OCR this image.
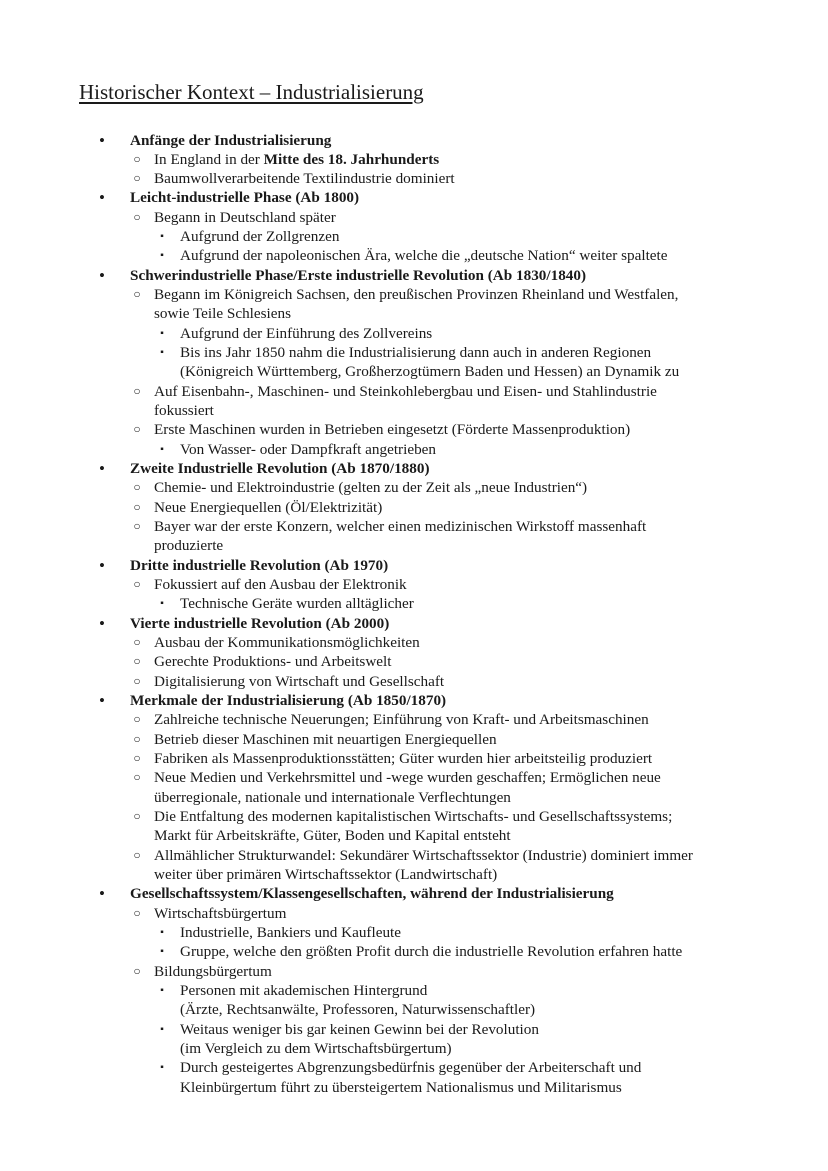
Historischer Kontext – Industrialisierung
• Anfänge der Industrialisierung
○ In England in der Mitte des 18. Jahrhunderts
○ Baumwollverarbeitende Textilindustrie dominiert
• Leicht-industrielle Phase (Ab 1800)
○ Begann in Deutschland später
▪	Aufgrund der Zollgrenzen
▪	Aufgrund der napoleonischen Ära, welche die „deutsche Nation“ weiter spaltete
• Schwerindustrielle Phase/Erste industrielle Revolution (Ab 1830/1840)
○ Begann im Königreich Sachsen, den preußischen Provinzen Rheinland und Westfalen,
sowie Teile Schlesiens
▪	Aufgrund der Einführung des Zollvereins
▪	Bis ins Jahr 1850 nahm die Industrialisierung dann auch in anderen Regionen
(Königreich Württemberg, Großherzogtümern Baden und Hessen) an Dynamik zu
○ Auf Eisenbahn-, Maschinen- und Steinkohlebergbau und Eisen- und Stahlindustrie
fokussiert
○ Erste Maschinen wurden in Betrieben eingesetzt (Förderte Massenproduktion)
▪	Von Wasser- oder Dampfkraft angetrieben
• Zweite Industrielle Revolution (Ab 1870/1880)
○ Chemie- und Elektroindustrie (gelten zu der Zeit als „neue Industrien“)
○ Neue Energiequellen (Öl/Elektrizität)
○ Bayer war der erste Konzern, welcher einen medizinischen Wirkstoff massenhaft
produzierte
• Dritte industrielle Revolution (Ab 1970)
○ Fokussiert auf den Ausbau der Elektronik
▪	Technische Geräte wurden alltäglicher
• Vierte industrielle Revolution (Ab 2000)
○ Ausbau der Kommunikationsmöglichkeiten
○ Gerechte Produktions- und Arbeitswelt
○ Digitalisierung von Wirtschaft und Gesellschaft
• Merkmale der Industrialisierung (Ab 1850/1870)
○ Zahlreiche technische Neuerungen; Einführung von Kraft- und Arbeitsmaschinen
○ Betrieb dieser Maschinen mit neuartigen Energiequellen
○ Fabriken als Massenproduktionsstätten; Güter wurden hier arbeitsteilig produziert
○ Neue Medien und Verkehrsmittel und -wege wurden geschaffen; Ermöglichen neue
überregionale, nationale und internationale Verflechtungen
○ Die Entfaltung des modernen kapitalistischen Wirtschafts- und Gesellschaftssystems;
Markt für Arbeitskräfte, Güter, Boden und Kapital entsteht
○ Allmählicher Strukturwandel: Sekundärer Wirtschaftssektor (Industrie) dominiert immer
weiter über primären Wirtschaftssektor (Landwirtschaft)
• Gesellschaftssystem/Klassengesellschaften, während der Industrialisierung
○ Wirtschaftsbürgertum
▪	Industrielle, Bankiers und Kaufleute
▪	Gruppe, welche den größten Profit durch die industrielle Revolution erfahren hatte
○ Bildungsbürgertum
▪	Personen mit akademischen Hintergrund
(Ärzte, Rechtsanwälte, Professoren, Naturwissenschaftler)
▪	Weitaus weniger bis gar keinen Gewinn bei der Revolution
(im Vergleich zu dem Wirtschaftsbürgertum)
▪	Durch gesteigertes Abgrenzungsbedürfnis gegenüber der Arbeiterschaft und
Kleinbürgertum führt zu übersteigertem Nationalismus und Militarismus
